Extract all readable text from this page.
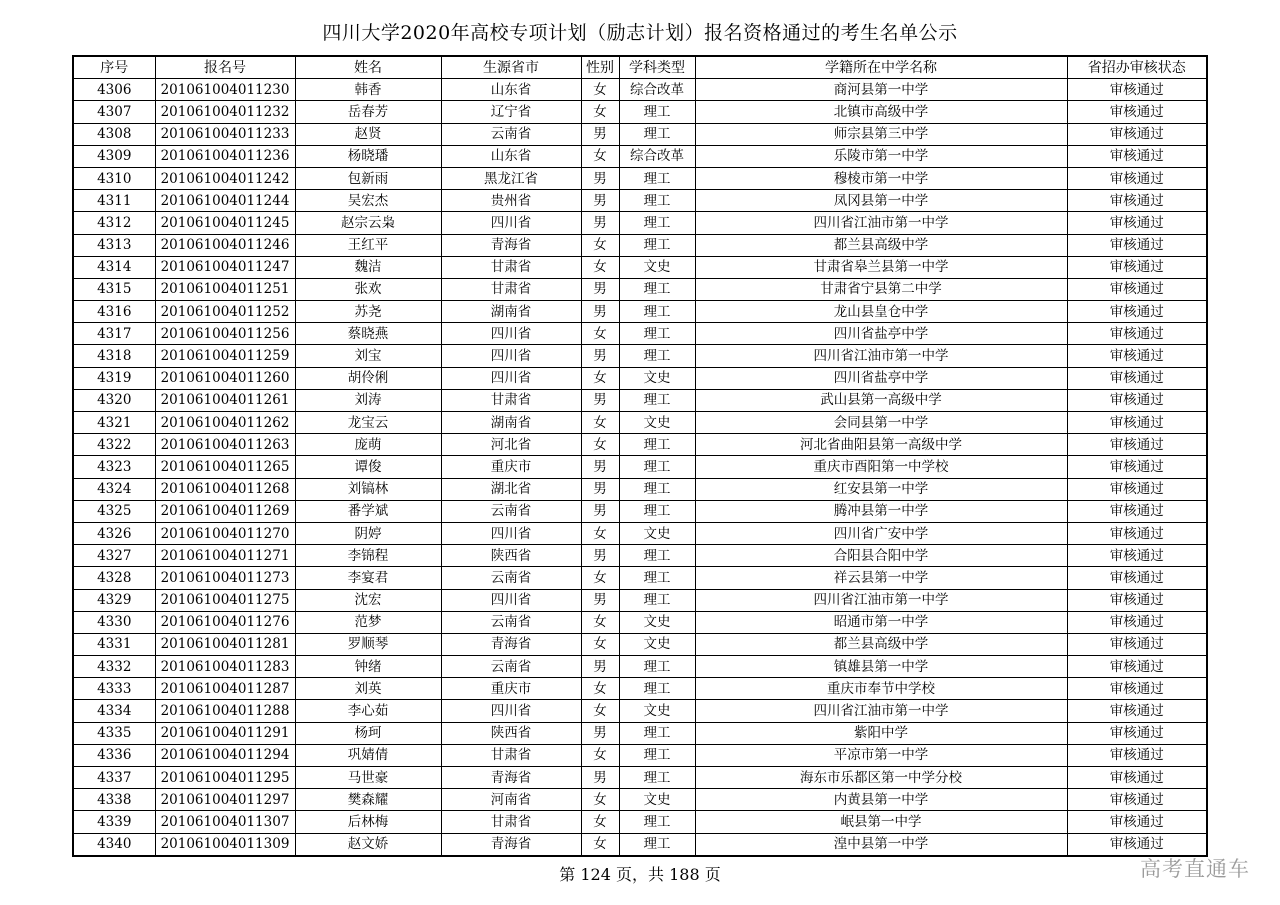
四川大学2020年高校专项计划（励志计划）报名资格通过的考生名单公示
序号	报名号	姓名	生源省市	性别	学科类型	学籍所在中学名称	省招办审核状态
4306	201061004011230	韩香	山东省	女	综合改革	商河县第一中学	审核通过
4307	201061004011232	岳春芳	辽宁省	女	理工	北镇市高级中学	审核通过
4308	201061004011233	赵贤	云南省	男	理工	师宗县第三中学	审核通过
4309	201061004011236	杨晓璠	山东省	女	综合改革	乐陵市第一中学	审核通过
4310	201061004011242	包新雨	黑龙江省	男	理工	穆棱市第一中学	审核通过
4311	201061004011244	吴宏杰	贵州省	男	理工	凤冈县第一中学	审核通过
4312	201061004011245	赵宗云枭	四川省	男	理工	四川省江油市第一中学	审核通过
4313	201061004011246	王红平	青海省	女	理工	都兰县高级中学	审核通过
4314	201061004011247	魏洁	甘肃省	女	文史	甘肃省皋兰县第一中学	审核通过
4315	201061004011251	张欢	甘肃省	男	理工	甘肃省宁县第二中学	审核通过
4316	201061004011252	苏尧	湖南省	男	理工	龙山县皇仓中学	审核通过
4317	201061004011256	蔡晓燕	四川省	女	理工	四川省盐亭中学	审核通过
4318	201061004011259	刘宝	四川省	男	理工	四川省江油市第一中学	审核通过
4319	201061004011260	胡伶俐	四川省	女	文史	四川省盐亭中学	审核通过
4320	201061004011261	刘涛	甘肃省	男	理工	武山县第一高级中学	审核通过
4321	201061004011262	龙宝云	湖南省	女	文史	会同县第一中学	审核通过
4322	201061004011263	庞萌	河北省	女	理工	河北省曲阳县第一高级中学	审核通过
4323	201061004011265	谭俊	重庆市	男	理工	重庆市酉阳第一中学校	审核通过
4324	201061004011268	刘镐林	湖北省	男	理工	红安县第一中学	审核通过
4325	201061004011269	番学斌	云南省	男	理工	腾冲县第一中学	审核通过
4326	201061004011270	阴婷	四川省	女	文史	四川省广安中学	审核通过
4327	201061004011271	李锦程	陕西省	男	理工	合阳县合阳中学	审核通过
4328	201061004011273	李宴君	云南省	女	理工	祥云县第一中学	审核通过
4329	201061004011275	沈宏	四川省	男	理工	四川省江油市第一中学	审核通过
4330	201061004011276	范梦	云南省	女	文史	昭通市第一中学	审核通过
4331	201061004011281	罗顺琴	青海省	女	文史	都兰县高级中学	审核通过
4332	201061004011283	钟绪	云南省	男	理工	镇雄县第一中学	审核通过
4333	201061004011287	刘英	重庆市	女	理工	重庆市奉节中学校	审核通过
4334	201061004011288	李心茹	四川省	女	文史	四川省江油市第一中学	审核通过
4335	201061004011291	杨珂	陕西省	男	理工	紫阳中学	审核通过
4336	201061004011294	巩婧倩	甘肃省	女	理工	平凉市第一中学	审核通过
4337	201061004011295	马世豪	青海省	男	理工	海东市乐都区第一中学分校	审核通过
4338	201061004011297	樊森耀	河南省	女	文史	内黄县第一中学	审核通过
4339	201061004011307	后林梅	甘肃省	女	理工	岷县第一中学	审核通过
4340	201061004011309	赵文娇	青海省	女	理工	湟中县第一中学	审核通过
第 124 页，共 188 页	高考直通车
